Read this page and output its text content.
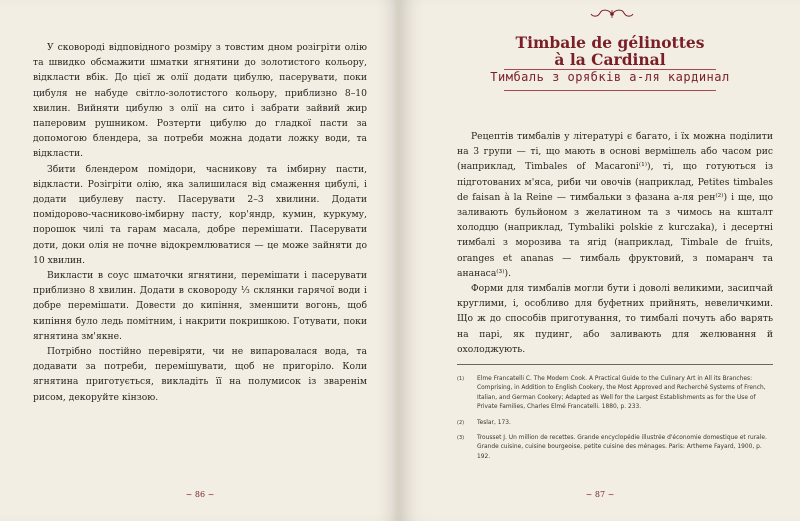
У сковороді відповідного розміру з товстим дном розігріти олію та швидко обсмажити шматки ягнятини до золотистого кольору, відкласти вбік. До цієї ж олії додати цибулю, пасерувати, поки цибуля не набуде світло-золотистого кольору, приблизно 8–10 хвилин. Вийняти цибулю з олії на сито і забрати зайвий жир паперовим рушником. Розтерти цибулю до гладкої пасти за допомогою блендера, за потреби можна додати ложку води, та відкласти.

Збити блендером помідори, часникову та імбирну пасти, відкласти. Розігріти олію, яка залишилася від смаження цибулі, і додати цибулеву пасту. Пасерувати 2–3 хвилини. Додати помідорово-часниково-імбирну пасту, кор'яндр, кумин, куркуму, порошок чилі та гарам масала, добре перемішати. Пасерувати доти, доки олія не почне відокремлюватися — це може зайняти до 10 хвилин.

Викласти в соус шматочки ягнятини, перемішати і пасерувати приблизно 8 хвилин. Додати в сковороду ⅓ склянки гарячої води і добре перемішати. Довести до кипіння, зменшити вогонь, щоб кипіння було ледь помітним, і накрити покришкою. Готувати, поки ягнятина зм'якне.

Потрібно постійно перевіряти, чи не випаровалася вода, та додавати за потреби, перемішувати, щоб не пригоріло. Коли ягнятина приготується, викладіть її на полумисок із зваренім рисом, декоруйте кінзою.

~ 86 ~
Timbale de gélinottes
à la Cardinal
Тимбаль з орябків а-ля кардинал

Рецептів тимбалів у літературі є багато, і їх можна поділити на 3 групи — ті, що мають в основі вермішель або часом рис (наприклад, Timbales of Macaroni⁽¹⁾), ті, що готуються із підготованих м'яса, риби чи овочів (наприклад, Petites timbales de faisan à la Reine — тимбальки з фазана а-ля рен⁽²⁾) і ще, що заливають бульйоном з желатином та з чимось на кшталт холодцю (наприклад, Tymbaliki polskie z kurczaka), і десертні тимбалі з морозива та ягід (наприклад, Timbale de fruits, oranges et ananas — тимбаль фруктовий, з помаранч та ананаса⁽³⁾).

Форми для тимбалів могли бути і доволі великими, засипчай круглими, і, особливо для буфетних прийнять, невеличкими. Що ж до способів приготування, то тимбалі почуть або варять на парі, як пудинг, або заливають для желювання й охолоджують.

(1) Elme Francatelli C. The Modern Cook. A Practical Guide to the Culinary Art in All its Branches: Comprising, in Addition to English Cookery, the Most Approved and Recherché Systems of French, Italian, and German Cookery; Adapted as Well for the Largest Establishments as for the Use of Private Families, Charles Elmé Francatelli. 1880, p. 233.
(2) Teslar, 173.
(3) Trousset J. Un million de recettes. Grande encyclopédie illustrée d'économie domestique et rurale. Grande cuisine, cuisine bourgeoise, petite cuisine des ménages. Paris: Artheme Fayard, 1900, p. 192.
~ 87 ~
